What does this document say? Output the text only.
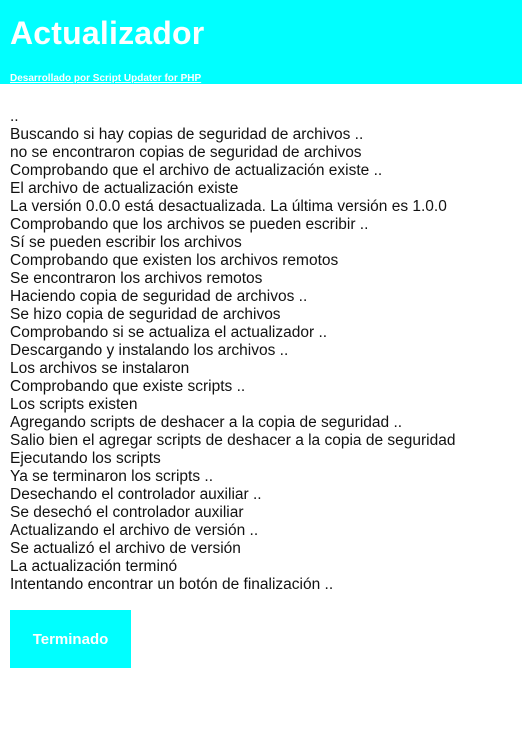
Actualizador

Desarrollado por Script Updater for PHP
..
Buscando si hay copias de seguridad de archivos ..
no se encontraron copias de seguridad de archivos
Comprobando que el archivo de actualización existe ..
El archivo de actualización existe
La versión 0.0.0 está desactualizada. La última versión es 1.0.0
Comprobando que los archivos se pueden escribir ..
Sí se pueden escribir los archivos
Comprobando que existen los archivos remotos
Se encontraron los archivos remotos
Haciendo copia de seguridad de archivos ..
Se hizo copia de seguridad de archivos
Comprobando si se actualiza el actualizador ..
Descargando y instalando los archivos ..
Los archivos se instalaron
Comprobando que existe scripts ..
Los scripts existen
Agregando scripts de deshacer a la copia de seguridad ..
Salio bien el agregar scripts de deshacer a la copia de seguridad
Ejecutando los scripts
Ya se terminaron los scripts ..
Desechando el controlador auxiliar ..
Se desechó el controlador auxiliar
Actualizando el archivo de versión ..
Se actualizó el archivo de versión
La actualización terminó
Intentando encontrar un botón de finalización ..
Terminado
